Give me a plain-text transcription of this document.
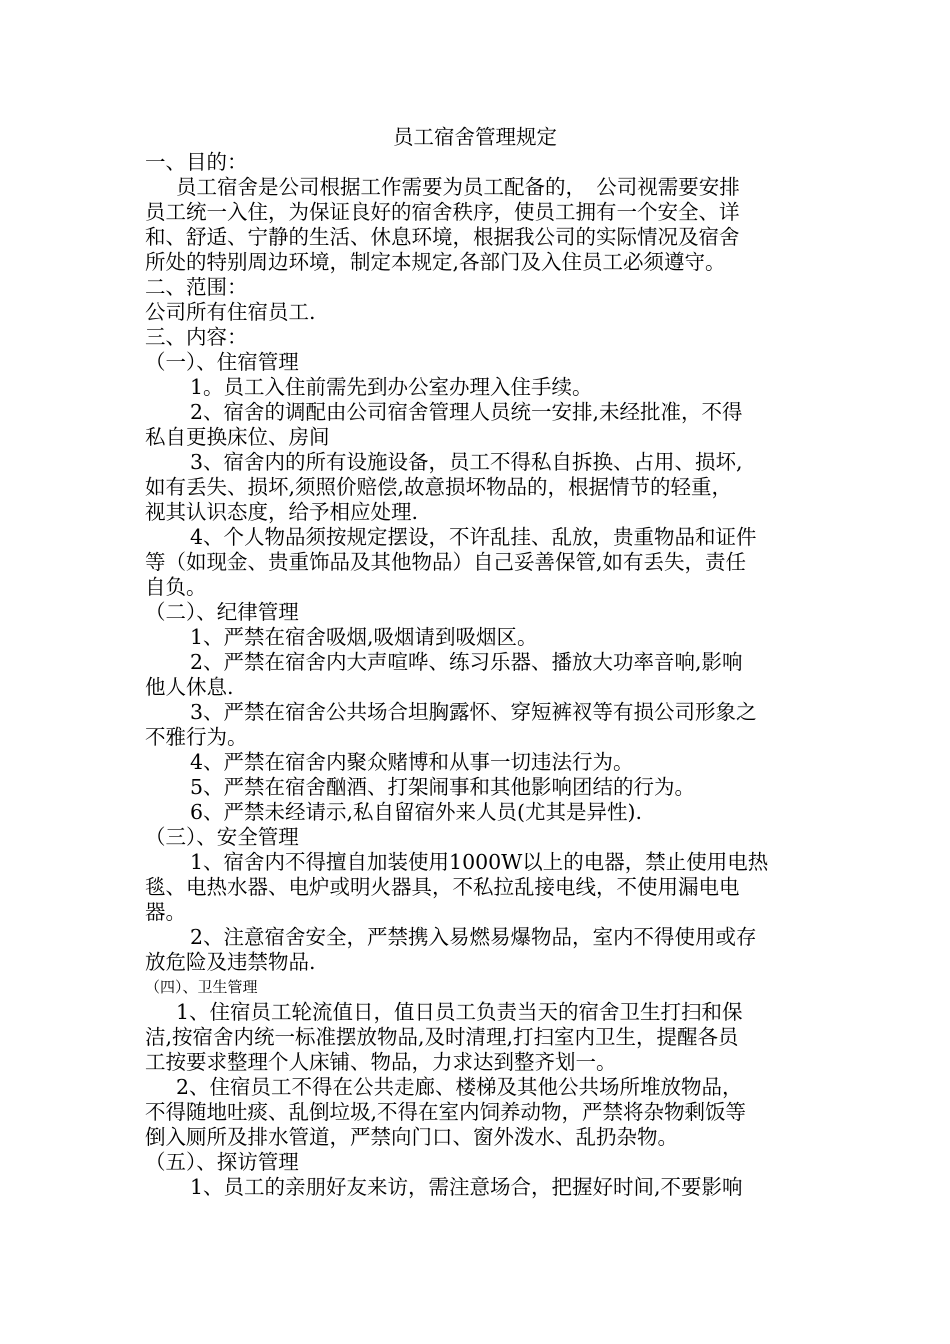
员工宿舍管理规定
一、目的：
员工宿舍是公司根据工作需要为员工配备的，　公司视需要安排
员工统一入住，为保证良好的宿舍秩序，使员工拥有一个安全、详
和、舒适、宁静的生活、休息环境，根据我公司的实际情况及宿舍
所处的特别周边环境，制定本规定,各部门及入住员工必须遵守。
二、范围：
公司所有住宿员工.
三、内容：
（一）、住宿管理
1。员工入住前需先到办公室办理入住手续。
2、宿舍的调配由公司宿舍管理人员统一安排,未经批准，不得
私自更换床位、房间
3、宿舍内的所有设施设备，员工不得私自拆换、占用、损坏,
如有丢失、损坏,须照价赔偿,故意损坏物品的，根据情节的轻重，
视其认识态度，给予相应处理.
4、个人物品须按规定摆设，不许乱挂、乱放，贵重物品和证件
等（如现金、贵重饰品及其他物品）自己妥善保管,如有丢失，责任
自负。
（二）、纪律管理
1、严禁在宿舍吸烟,吸烟请到吸烟区。
2、严禁在宿舍内大声喧哗、练习乐器、播放大功率音响,影响
他人休息.
3、严禁在宿舍公共场合坦胸露怀、穿短裤衩等有损公司形象之
不雅行为。
4、严禁在宿舍内聚众赌博和从事一切违法行为。
5、严禁在宿舍酗酒、打架闹事和其他影响团结的行为。
6、严禁未经请示,私自留宿外来人员(尤其是异性).
（三）、安全管理
1、宿舍内不得擅自加装使用1000W以上的电器，禁止使用电热
毯、电热水器、电炉或明火器具，不私拉乱接电线，不使用漏电电
器。
2、注意宿舍安全，严禁携入易燃易爆物品，室内不得使用或存
放危险及违禁物品.
（四）、卫生管理
1、住宿员工轮流值日，值日员工负责当天的宿舍卫生打扫和保
洁,按宿舍内统一标准摆放物品,及时清理,打扫室内卫生，提醒各员
工按要求整理个人床铺、物品，力求达到整齐划一。
2、住宿员工不得在公共走廊、楼梯及其他公共场所堆放物品，
不得随地吐痰、乱倒垃圾,不得在室内饲养动物，严禁将杂物剩饭等
倒入厕所及排水管道，严禁向门口、窗外泼水、乱扔杂物。
（五）、探访管理
1、员工的亲朋好友来访，需注意场合，把握好时间,不要影响
